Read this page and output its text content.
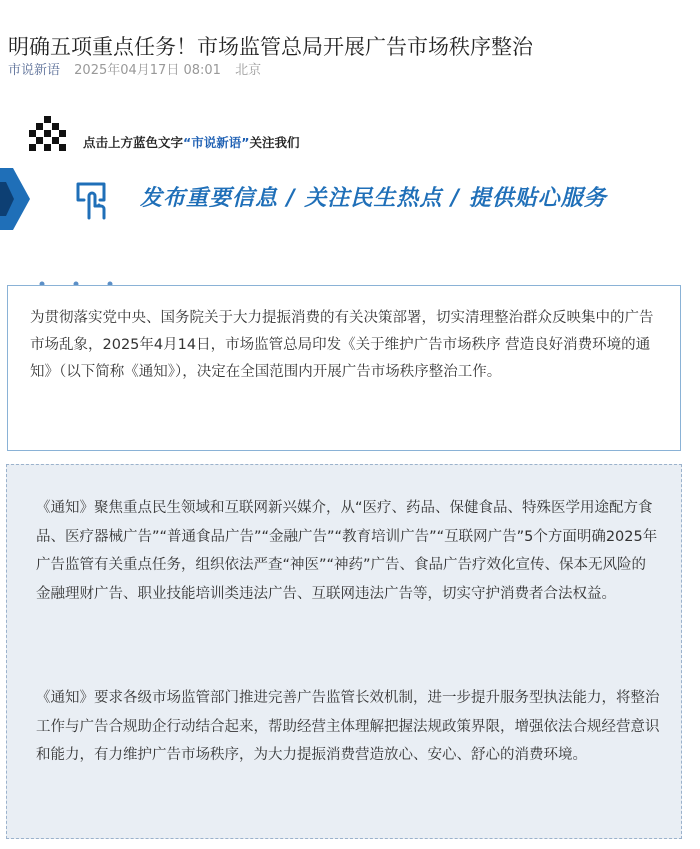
明确五项重点任务！市场监管总局开展广告市场秩序整治
市说新语 2025年04月17日 08:01 北京
点击上方蓝色文字“市说新语”关注我们
发布重要信息 / 关注民生热点 / 提供贴心服务

为贯彻落实党中央、国务院关于大力提振消费的有关决策部署，切实清理整治群众反映集中的广告市场乱象，2025年4月14日，市场监管总局印发《关于维护广告市场秩序 营造良好消费环境的通知》（以下简称《通知》），决定在全国范围内开展广告市场秩序整治工作。

《通知》聚焦重点民生领域和互联网新兴媒介，从“医疗、药品、保健食品、特殊医学用途配方食品、医疗器械广告”“普通食品广告”“金融广告”“教育培训广告”“互联网广告”5个方面明确2025年广告监管有关重点任务，组织依法严查“神医”“神药”广告、食品广告疗效化宣传、保本无风险的金融理财广告、职业技能培训类违法广告、互联网违法广告等，切实守护消费者合法权益。

《通知》要求各级市场监管部门推进完善广告监管长效机制，进一步提升服务型执法能力，将整治工作与广告合规助企行动结合起来，帮助经营主体理解把握法规政策界限，增强依法合规经营意识和能力，有力维护广告市场秩序，为大力提振消费营造放心、安心、舒心的消费环境。
